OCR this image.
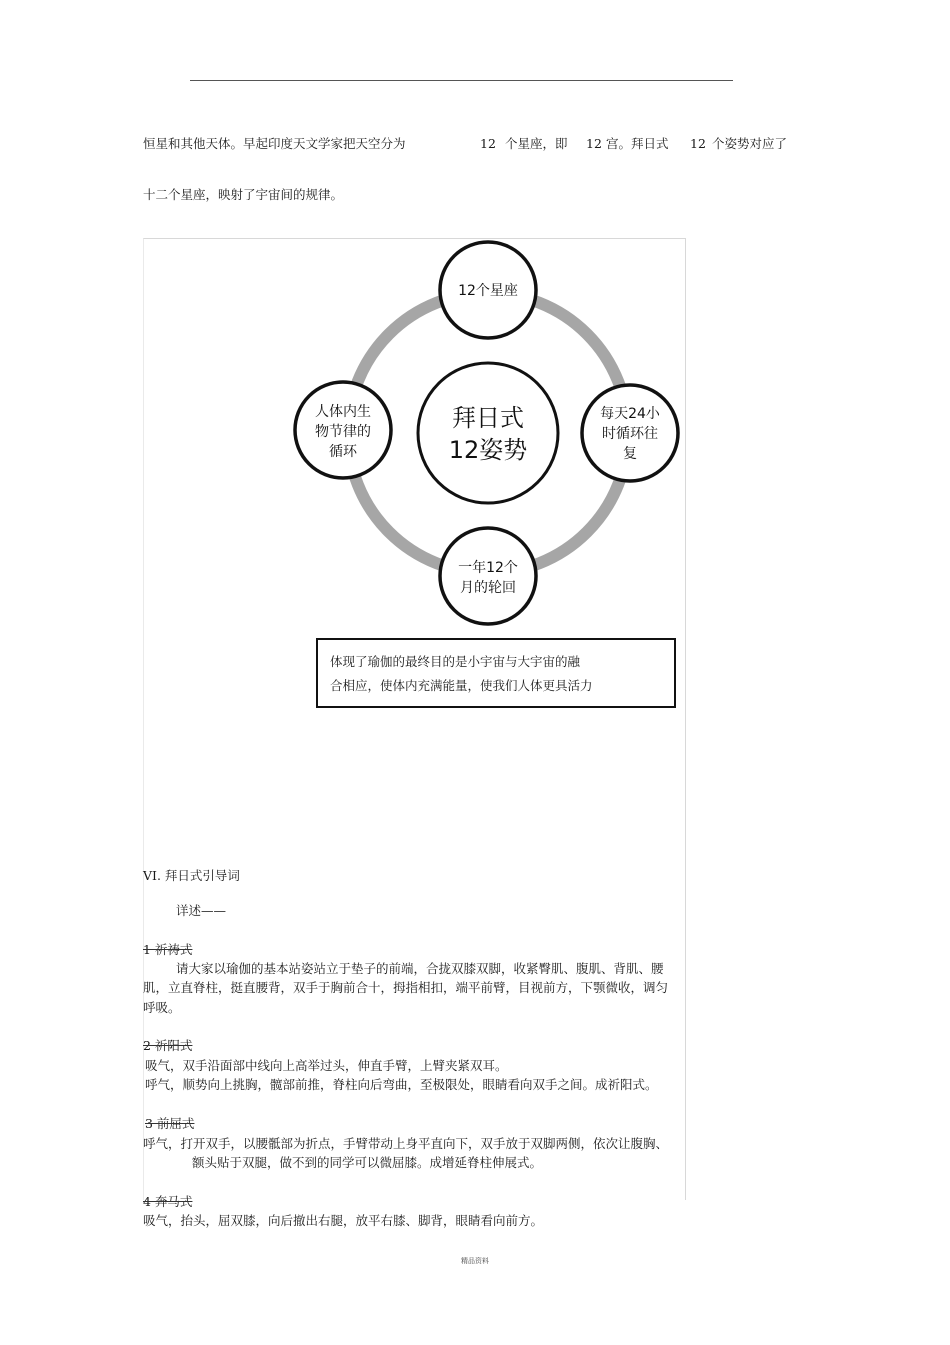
恒星和其他天体。早起印度天文学家把天空分为	12 个星座，即 12 宫。拜日式 12 个姿势对应了
十二个星座，映射了宇宙间的规律。
拜日式
12姿势
12个星座
每天24小
时循环往
复
一年12个
月的轮回
人体内生
物节律的
循环
体现了瑜伽的最终目的是小宇宙与大宇宙的融
合相应，使体内充满能量，使我们人体更具活力
VI. 拜日式引导词
详述——
1 祈祷式
请大家以瑜伽的基本站姿站立于垫子的前端，合拢双膝双脚，收紧臀肌、腹肌、背肌、腰
肌，立直脊柱，挺直腰背，双手于胸前合十，拇指相扣，端平前臂，目视前方，下颚微收，调匀
呼吸。
2 祈阳式
吸气，双手沿面部中线向上高举过头，伸直手臂，上臂夹紧双耳。
呼气，顺势向上挑胸，髋部前推，脊柱向后弯曲，至极限处，眼睛看向双手之间。成祈阳式。
3 前屈式
呼气，打开双手，以腰骶部为折点，手臂带动上身平直向下，双手放于双脚两侧，依次让腹胸、
额头贴于双腿，做不到的同学可以微屈膝。成增延脊柱伸展式。
4 奔马式
吸气，抬头，屈双膝，向后撤出右腿，放平右膝、脚背，眼睛看向前方。
精品资料
